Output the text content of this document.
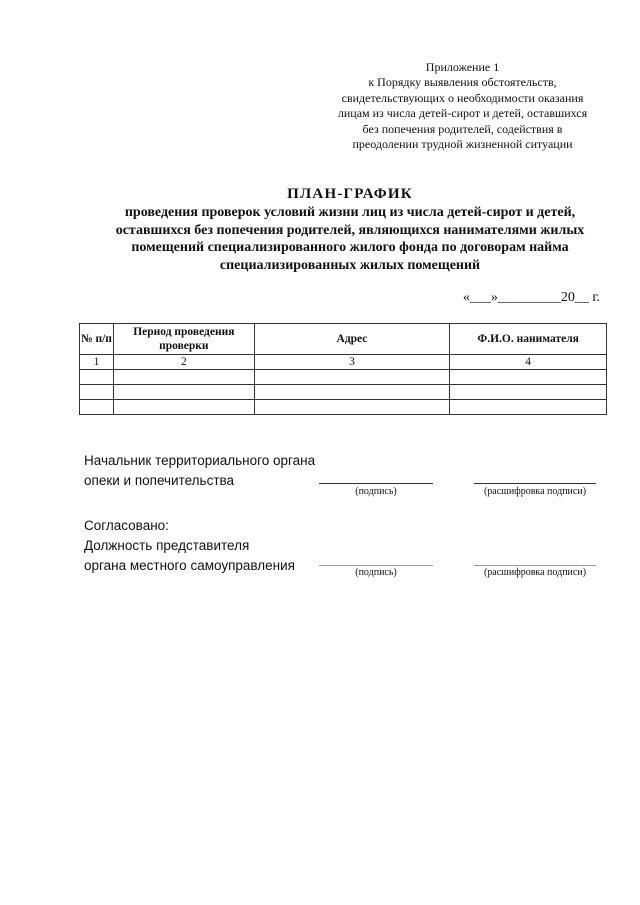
Приложение 1
к Порядку выявления обстоятельств,
свидетельствующих о необходимости оказания
лицам из числа детей-сирот и детей, оставшихся
без попечения родителей, содействия в
преодолении трудной жизненной ситуации
ПЛАН-ГРАФИК
проведения проверок условий жизни лиц из числа детей-сирот и детей,
оставшихся без попечения родителей, являющихся нанимателями жилых
помещений специализированного жилого фонда по договорам найма
специализированных жилых помещений
«___»_________20__ г.
№ п/п	Период проведения проверки	Адрес	Ф.И.О. нанимателя
1	2	3	4

Начальник территориального органа
опеки и попечительства
(подпись)	(расшифровка подписи)
Согласовано:
Должность представителя
органа местного самоуправления	(подпись)	(расшифровка подписи)
